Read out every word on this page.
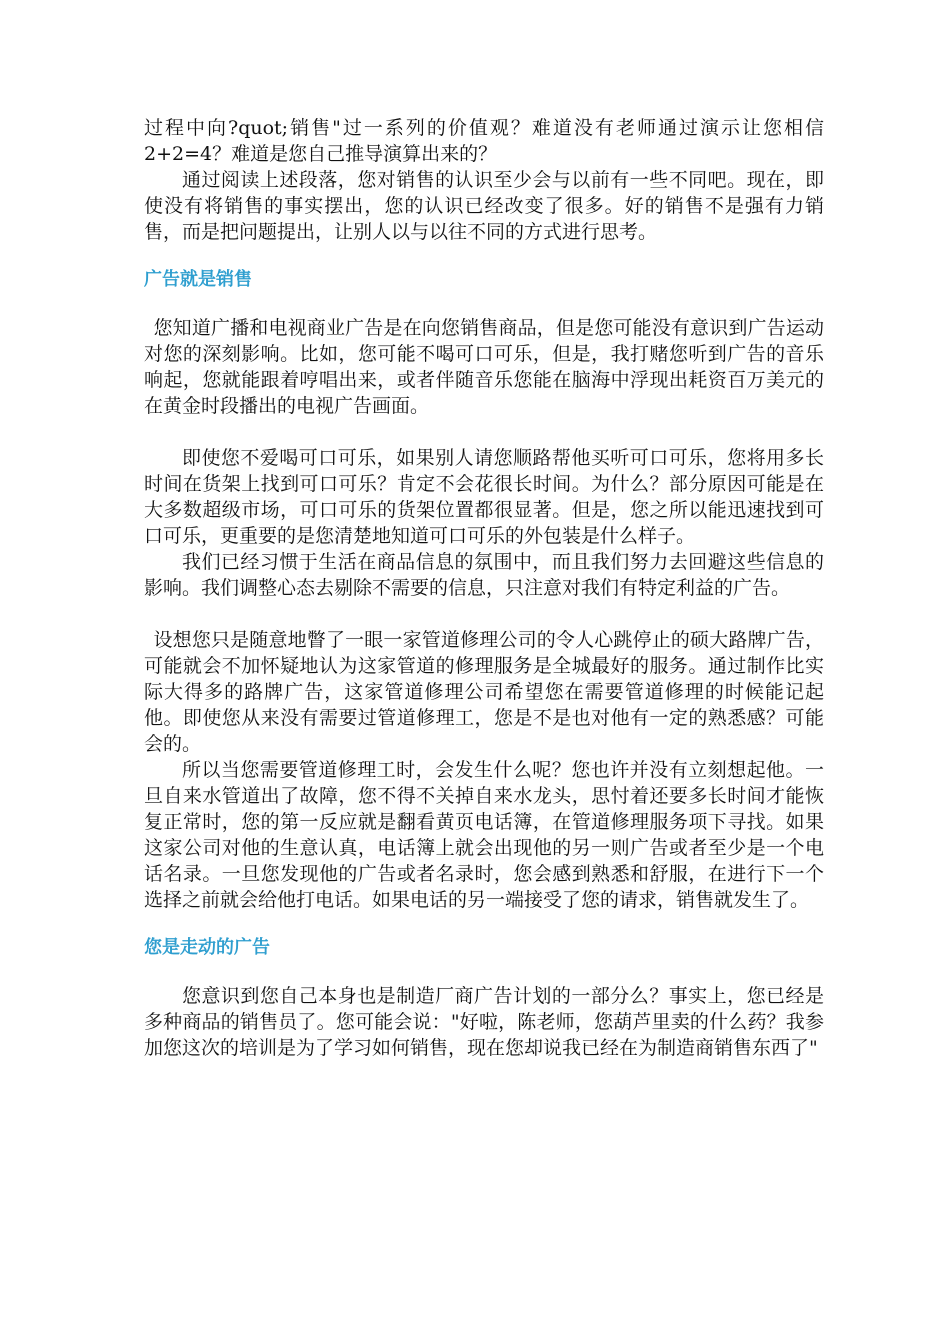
过程中向?quot;销售"过一系列的价值观？难道没有老师通过演示让您相信 2+2=4？难道是您自己推导演算出来的？

通过阅读上述段落，您对销售的认识至少会与以前有一些不同吧。现在，即使没有将销售的事实摆出，您的认识已经改变了很多。好的销售不是强有力销售，而是把问题提出，让别人以与以往不同的方式进行思考。

广告就是销售

您知道广播和电视商业广告是在向您销售商品，但是您可能没有意识到广告运动对您的深刻影响。比如，您可能不喝可口可乐，但是，我打赌您听到广告的音乐响起，您就能跟着哼唱出来，或者伴随音乐您能在脑海中浮现出耗资百万美元的在黄金时段播出的电视广告画面。

即使您不爱喝可口可乐，如果别人请您顺路帮他买听可口可乐，您将用多长时间在货架上找到可口可乐？肯定不会花很长时间。为什么？部分原因可能是在大多数超级市场，可口可乐的货架位置都很显著。但是，您之所以能迅速找到可口可乐，更重要的是您清楚地知道可口可乐的外包装是什么样子。

我们已经习惯于生活在商品信息的氛围中，而且我们努力去回避这些信息的影响。我们调整心态去剔除不需要的信息，只注意对我们有特定利益的广告。

设想您只是随意地瞥了一眼一家管道修理公司的令人心跳停止的硕大路牌广告，可能就会不加怀疑地认为这家管道的修理服务是全城最好的服务。通过制作比实际大得多的路牌广告，这家管道修理公司希望您在需要管道修理的时候能记起他。即使您从来没有需要过管道修理工，您是不是也对他有一定的熟悉感？可能会的。

所以当您需要管道修理工时，会发生什么呢？您也许并没有立刻想起他。一旦自来水管道出了故障，您不得不关掉自来水龙头，思忖着还要多长时间才能恢复正常时，您的第一反应就是翻看黄页电话簿，在管道修理服务项下寻找。如果这家公司对他的生意认真，电话簿上就会出现他的另一则广告或者至少是一个电话名录。一旦您发现他的广告或者名录时，您会感到熟悉和舒服，在进行下一个选择之前就会给他打电话。如果电话的另一端接受了您的请求，销售就发生了。

您是走动的广告

您意识到您自己本身也是制造厂商广告计划的一部分么？事实上，您已经是多种商品的销售员了。您可能会说："好啦，陈老师，您葫芦里卖的什么药？我参加您这次的培训是为了学习如何销售，现在您却说我已经在为制造商销售东西了"
